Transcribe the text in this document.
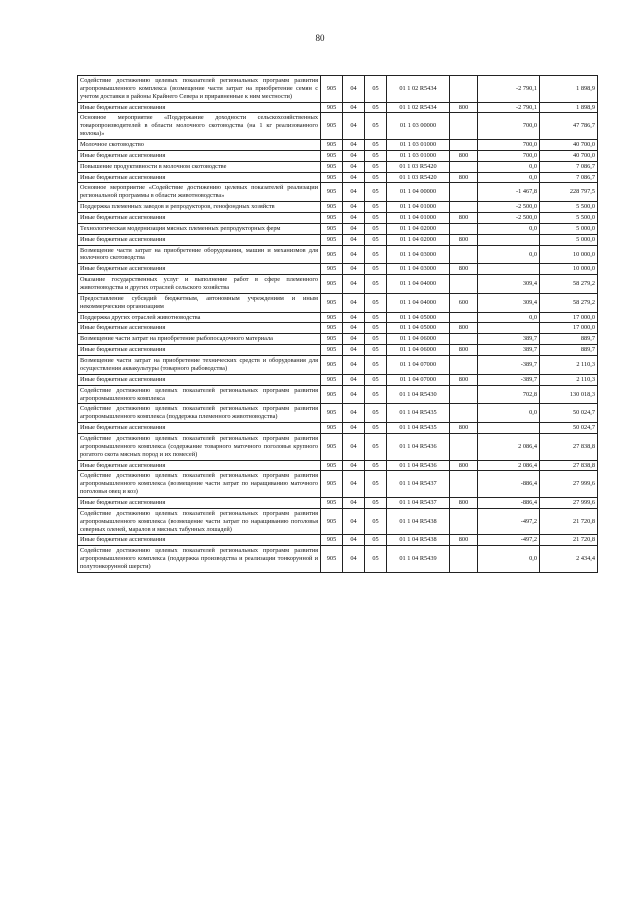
80
Содействие достижению целевых показателей региональных программ развития агропромышленного комплекса (возмещение части затрат на приобретение семян с учетом доставки в районы Крайнего Севера и приравненные к ним местности)	905	04	05	01 1 02 R5434		-2 790,1	1 898,9
Иные бюджетные ассигнования	905	04	05	01 1 02 R5434	800	-2 790,1	1 898,9
Основное мероприятие «Поддержание доходности сельскохозяйственных товаропроизводителей в области молочного скотоводства (на 1 кг реализованного молока)»	905	04	05	01 1 03 00000		700,0	47 786,7
Молочное скотоводство	905	04	05	01 1 03 01000		700,0	40 700,0
Иные бюджетные ассигнования	905	04	05	01 1 03 01000	800	700,0	40 700,0
Повышение продуктивности в молочном скотоводстве	905	04	05	01 1 03 R5420		0,0	7 086,7
Иные бюджетные ассигнования	905	04	05	01 1 03 R5420	800	0,0	7 086,7
Основное мероприятие «Содействие достижению целевых показателей реализации региональной программы в области животноводства»	905	04	05	01 1 04 00000		-1 467,8	228 797,5
Поддержка племенных заводов и репродукторов, генофондных хозяйств	905	04	05	01 1 04 01000		-2 500,0	5 500,0
Иные бюджетные ассигнования	905	04	05	01 1 04 01000	800	-2 500,0	5 500,0
Технологическая модернизация мясных племенных репродукторных ферм	905	04	05	01 1 04 02000		0,0	5 000,0
Иные бюджетные ассигнования	905	04	05	01 1 04 02000	800		5 000,0
Возмещение части затрат на приобретение оборудования, машин и механизмов для молочного скотоводства	905	04	05	01 1 04 03000		0,0	10 000,0
Иные бюджетные ассигнования	905	04	05	01 1 04 03000	800		10 000,0
Оказание государственных услуг и выполнение работ в сфере племенного животноводства и других отраслей сельского хозяйства	905	04	05	01 1 04 04000		309,4	58 279,2
Предоставление субсидий бюджетным, автономным учреждениям и иным некоммерческим организациям	905	04	05	01 1 04 04000	600	309,4	58 279,2
Поддержка других отраслей животноводства	905	04	05	01 1 04 05000		0,0	17 000,0
Иные бюджетные ассигнования	905	04	05	01 1 04 05000	800		17 000,0
Возмещение части затрат на приобретение рыбопосадочного материала	905	04	05	01 1 04 06000		389,7	889,7
Иные бюджетные ассигнования	905	04	05	01 1 04 06000	800	389,7	889,7
Возмещение части затрат на приобретение технических средств и оборудования для осуществления аквакультуры (товарного рыбоводства)	905	04	05	01 1 04 07000		-389,7	2 110,3
Иные бюджетные ассигнования	905	04	05	01 1 04 07000	800	-389,7	2 110,3
Содействие достижению целевых показателей региональных программ развития агропромышленного комплекса	905	04	05	01 1 04 R5430		702,8	130 018,3
Содействие достижению целевых показателей региональных программ развития агропромышленного комплекса (поддержка племенного животноводства)	905	04	05	01 1 04 R5435		0,0	50 024,7
Иные бюджетные ассигнования	905	04	05	01 1 04 R5435	800		50 024,7
Содействие достижению целевых показателей региональных программ развития агропромышленного комплекса (содержание товарного маточного поголовья крупного рогатого скота мясных пород и их помесей)	905	04	05	01 1 04 R5436		2 086,4	27 838,8
Иные бюджетные ассигнования	905	04	05	01 1 04 R5436	800	2 086,4	27 838,8
Содействие достижению целевых показателей региональных программ развития агропромышленного комплекса (возмещение части затрат по наращиванию маточного поголовья овец и коз)	905	04	05	01 1 04 R5437		-886,4	27 999,6
Иные бюджетные ассигнования	905	04	05	01 1 04 R5437	800	-886,4	27 999,6
Содействие достижению целевых показателей региональных программ развития агропромышленного комплекса (возмещение части затрат по наращиванию поголовья северных оленей, маралов и мясных табунных лошадей)	905	04	05	01 1 04 R5438		-497,2	21 720,8
Иные бюджетные ассигнования	905	04	05	01 1 04 R5438	800	-497,2	21 720,8
Содействие достижению целевых показателей региональных программ развития агропромышленного комплекса (поддержка производства и реализации тонкорунной и полутонкорунной шерсти)	905	04	05	01 1 04 R5439		0,0	2 434,4
